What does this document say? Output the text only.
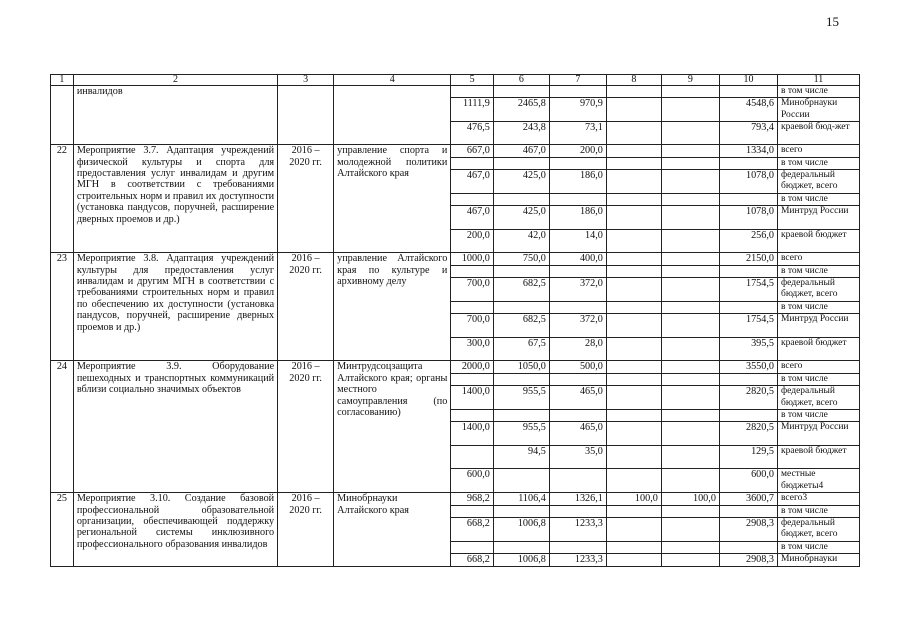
15
1	2	3	4	5	6	7	8	9	10	11
	инвалидов									в том числе
				1111,9	2465,8	970,9			4548,6	Минобрнауки России
				476,5	243,8	73,1			793,4	краевой бюд-жет
22	Мероприятие 3.7. Адаптация учреждений физической культуры и спорта для предоставления услуг инвалидам и другим МГН в соответствии с требованиями строительных норм и правил их доступности (установка пандусов, поручней, расширение дверных проемов и др.)	2016 – 2020 гг.	управление спорта и молодежной политики Алтайского края	667,0	467,0	200,0			1334,0	всего
										в том числе
				467,0	425,0	186,0			1078,0	федеральный бюджет, всего
										в том числе
				467,0	425,0	186,0			1078,0	Минтруд России
				200,0	42,0	14,0			256,0	краевой бюджет
23	Мероприятие 3.8. Адаптация учреждений культуры для предоставления услуг инвалидам и другим МГН в соответствии с требованиями строительных норм и правил по обеспечению их доступности (установка пандусов, поручней, расширение дверных проемов и др.)	2016 – 2020 гг.	управление Алтайского края по культуре и архивному делу	1000,0	750,0	400,0			2150,0	всего
										в том числе
				700,0	682,5	372,0			1754,5	федеральный бюджет, всего
										в том числе
				700,0	682,5	372,0			1754,5	Минтруд России
				300,0	67,5	28,0			395,5	краевой бюджет
24	Мероприятие 3.9. Оборудование пешеходных и транспортных коммуникаций вблизи социально значимых объектов	2016 – 2020 гг.	Минтрудсоцзащита Алтайского края; органы местного самоуправления (по согласованию)	2000,0	1050,0	500,0			3550,0	всего
										в том числе
				1400,0	955,5	465,0			2820,5	федеральный бюджет, всего
										в том числе
				1400,0	955,5	465,0			2820,5	Минтруд России
					94,5	35,0			129,5	краевой бюджет
				600,0					600,0	местные бюджеты4
25	Мероприятие 3.10. Создание базовой профессиональной образовательной организации, обеспечивающей поддержку региональной системы инклюзивного профессионального образования инвалидов	2016 – 2020 гг.	Минобрнауки Алтайского края	968,2	1106,4	1326,1	100,0	100,0	3600,7	всего3
										в том числе
				668,2	1006,8	1233,3			2908,3	федеральный бюджет, всего
										в том числе
				668,2	1006,8	1233,3			2908,3	Минобрнауки
